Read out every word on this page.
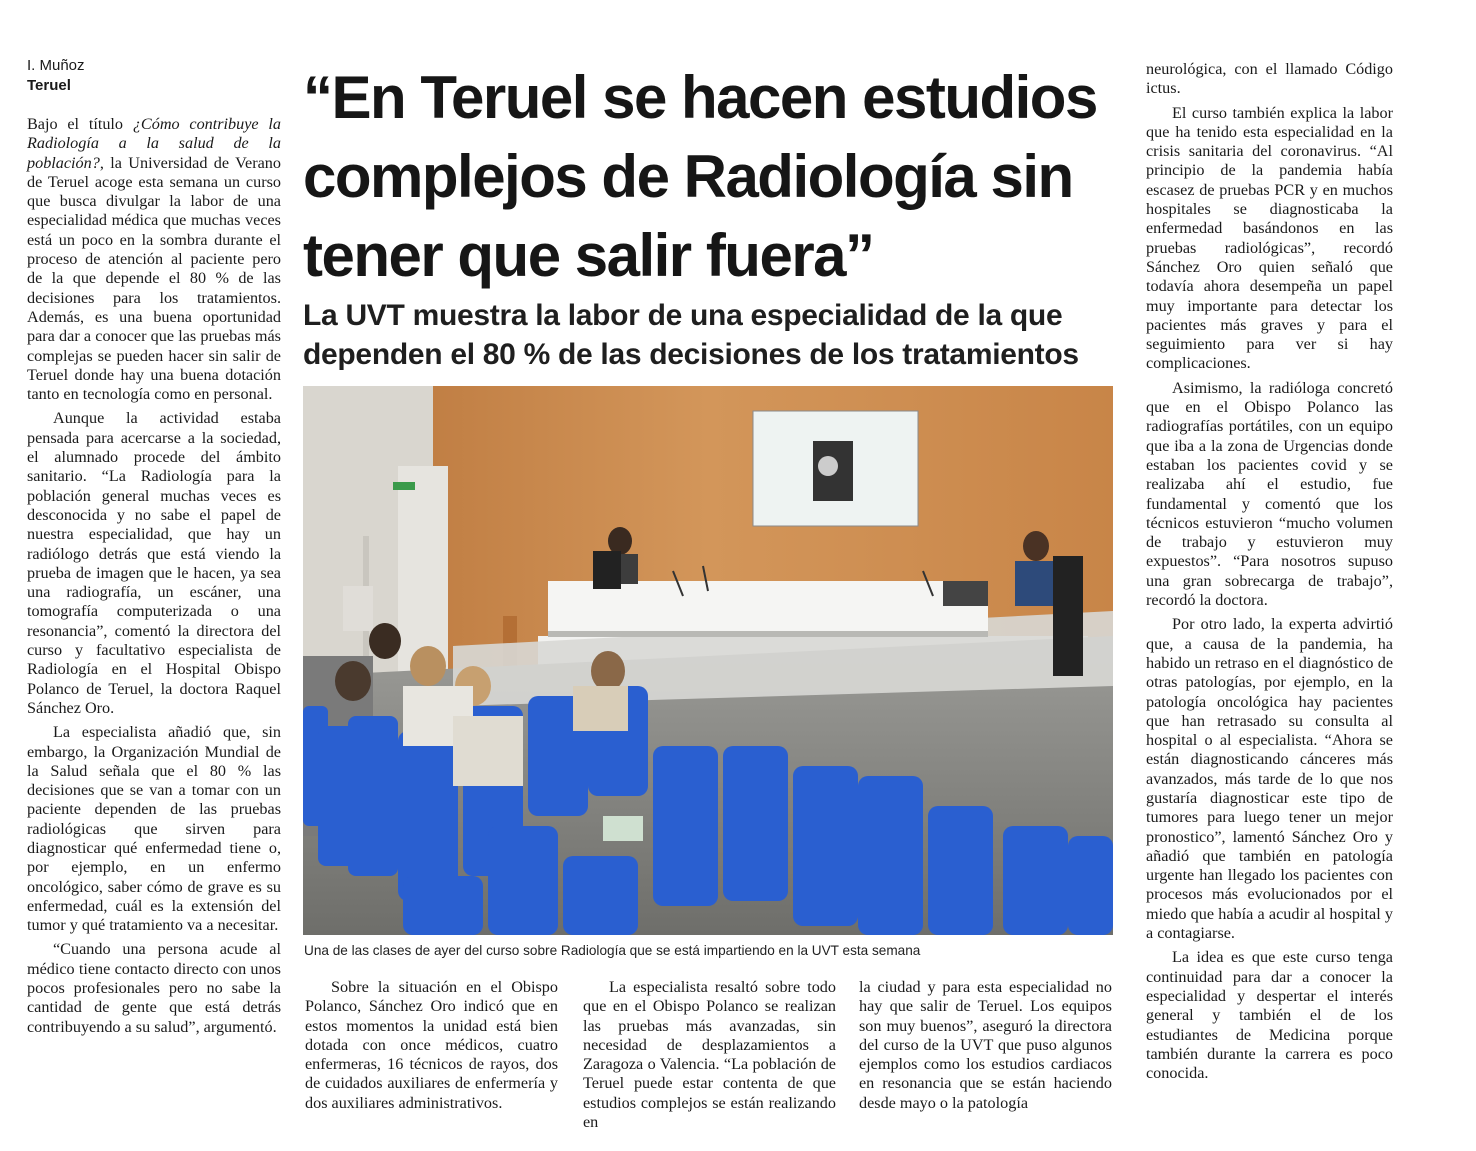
I. Muñoz
Teruel

Bajo el título ¿Cómo contribuye la Radiología a la salud de la población?, la Universidad de Verano de Teruel acoge esta semana un curso que busca divulgar la labor de una especialidad médica que muchas veces está un poco en la sombra durante el proceso de atención al paciente pero de la que depende el 80 % de las decisiones para los tratamientos. Además, es una buena oportunidad para dar a conocer que las pruebas más complejas se pueden hacer sin salir de Teruel donde hay una buena dotación tanto en tecnología como en personal.

Aunque la actividad estaba pensada para acercarse a la sociedad, el alumnado procede del ámbito sanitario. “La Radiología para la población general muchas veces es desconocida y no sabe el papel de nuestra especialidad, que hay un radiólogo detrás que está viendo la prueba de imagen que le hacen, ya sea una radiografía, un escáner, una tomografía computerizada o una resonancia”, comentó la directora del curso y facultativo especialista de Radiología en el Hospital Obispo Polanco de Teruel, la doctora Raquel Sánchez Oro.

La especialista añadió que, sin embargo, la Organización Mundial de la Salud señala que el 80 % las decisiones que se van a tomar con un paciente dependen de las pruebas radiológicas que sirven para diagnosticar qué enfermedad tiene o, por ejemplo, en un enfermo oncológico, saber cómo de grave es su enfermedad, cuál es la extensión del tumor y qué tratamiento va a necesitar.

“Cuando una persona acude al médico tiene contacto directo con unos pocos profesionales pero no sabe la cantidad de gente que está detrás contribuyendo a su salud”, argumentó.

“En Teruel se hacen estudios complejos de Radiología sin tener que salir fuera”
La UVT muestra la labor de una especialidad de la que dependen el 80 % de las decisiones de los tratamientos
Una de las clases de ayer del curso sobre Radiología que se está impartiendo en la UVT esta semana

Sobre la situación en el Obispo Polanco, Sánchez Oro indicó que en estos momentos la unidad está bien dotada con once médicos, cuatro enfermeras, 16 técnicos de rayos, dos de cuidados auxiliares de enfermería y dos auxiliares administrativos.

La especialista resaltó sobre todo que en el Obispo Polanco se realizan las pruebas más avanzadas, sin necesidad de desplazamientos a Zaragoza o Valencia. “La población de Teruel puede estar contenta de que estudios complejos se están realizando en

la ciudad y para esta especialidad no hay que salir de Teruel. Los equipos son muy buenos”, aseguró la directora del curso de la UVT que puso algunos ejemplos como los estudios cardiacos en resonancia que se están haciendo desde mayo o la patología

neurológica, con el llamado Código ictus.

El curso también explica la labor que ha tenido esta especialidad en la crisis sanitaria del coronavirus. “Al principio de la pandemia había escasez de pruebas PCR y en muchos hospitales se diagnosticaba la enfermedad basándonos en las pruebas radiológicas”, recordó Sánchez Oro quien señaló que todavía ahora desempeña un papel muy importante para detectar los pacientes más graves y para el seguimiento para ver si hay complicaciones.

Asimismo, la radióloga concretó que en el Obispo Polanco las radiografías portátiles, con un equipo que iba a la zona de Urgencias donde estaban los pacientes covid y se realizaba ahí el estudio, fue fundamental y comentó que los técnicos estuvieron “mucho volumen de trabajo y estuvieron muy expuestos”. “Para nosotros supuso una gran sobrecarga de trabajo”, recordó la doctora.

Por otro lado, la experta advirtió que, a causa de la pandemia, ha habido un retraso en el diagnóstico de otras patologías, por ejemplo, en la patología oncológica hay pacientes que han retrasado su consulta al hospital o al especialista. “Ahora se están diagnosticando cánceres más avanzados, más tarde de lo que nos gustaría diagnosticar este tipo de tumores para luego tener un mejor pronostico”, lamentó Sánchez Oro y añadió que también en patología urgente han llegado los pacientes con procesos más evolucionados por el miedo que había a acudir al hospital y a contagiarse.

La idea es que este curso tenga continuidad para dar a conocer la especialidad y despertar el interés general y también el de los estudiantes de Medicina porque también durante la carrera es poco conocida.
